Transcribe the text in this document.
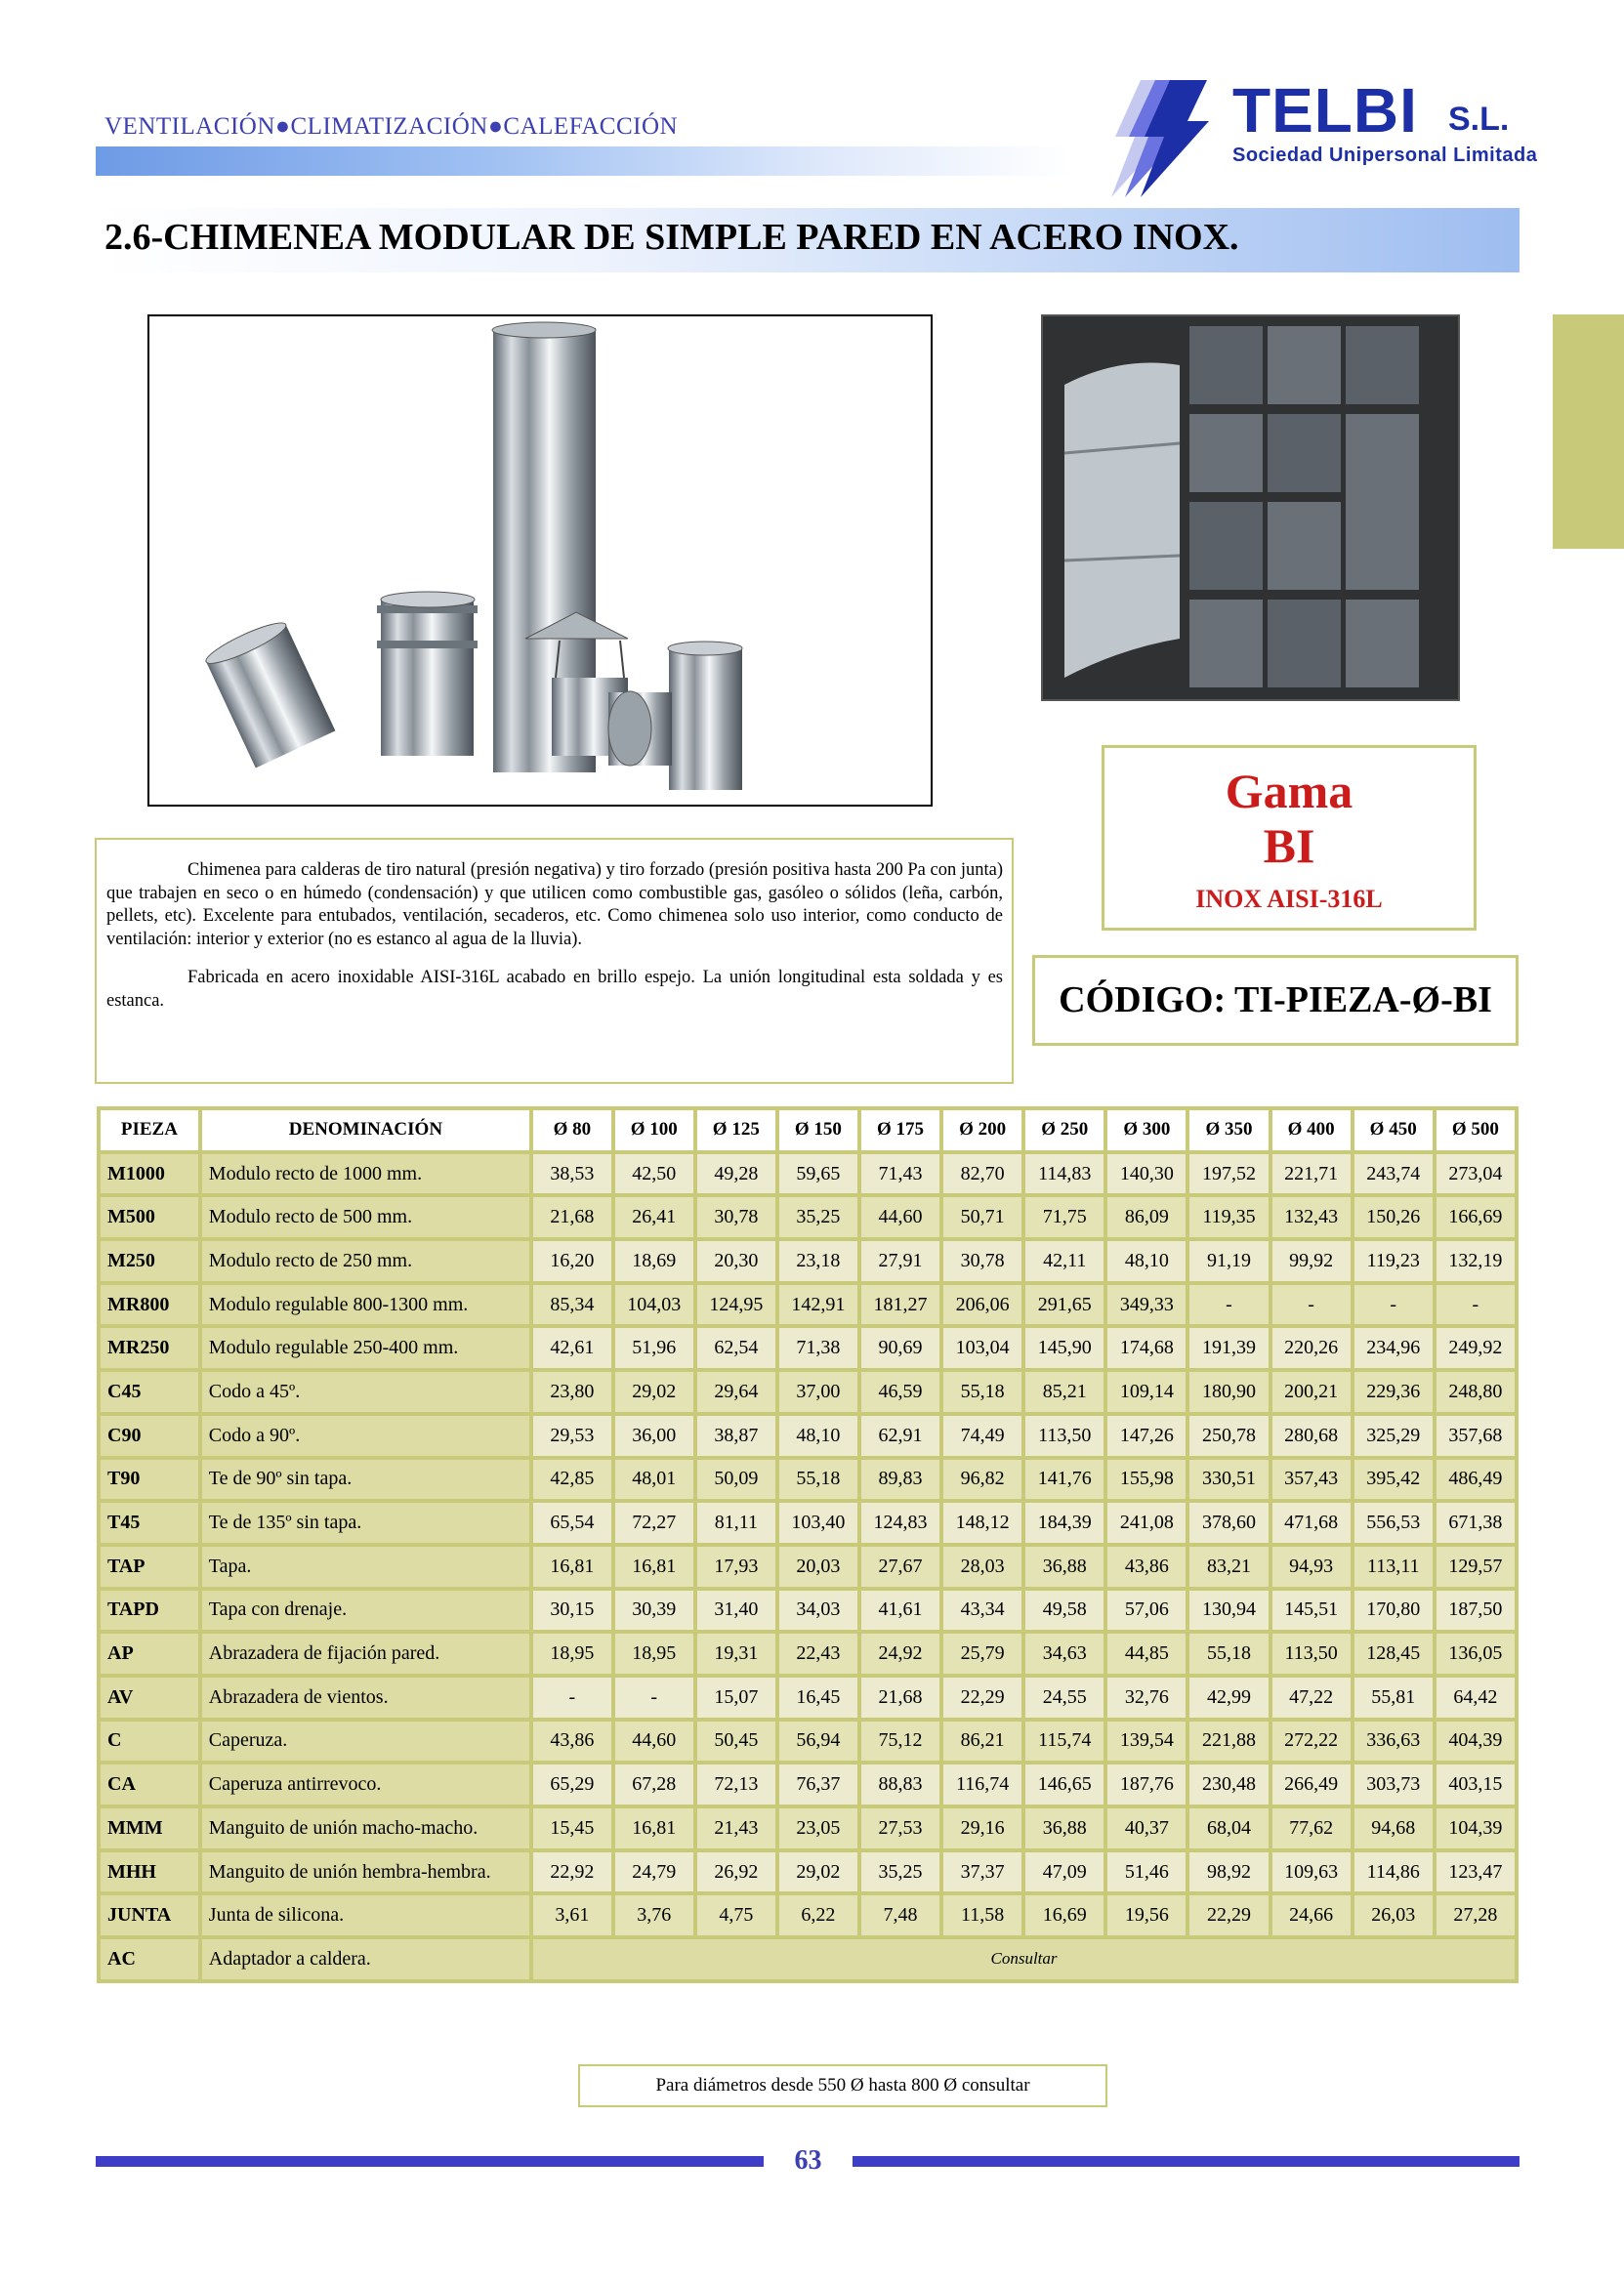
VENTILACIÓN●CLIMATIZACIÓN●CALEFACCIÓN	TELBI S.L.
Sociedad Unipersonal Limitada
2.6-CHIMENEA MODULAR DE SIMPLE PARED EN ACERO INOX.
Gama
BI
INOX AISI-316L
CÓDIGO: TI-PIEZA-Ø-BI

Chimenea para calderas de tiro natural (presión negativa) y tiro forzado (presión positiva hasta 200 Pa con junta) que trabajen en seco o en húmedo (condensación) y que utilicen como combustible gas, gasóleo o sólidos (leña, carbón, pellets, etc). Excelente para entubados, ventilación, secaderos, etc. Como chimenea solo uso interior, como conducto de ventilación: interior y exterior (no es estanco al agua de la lluvia).

Fabricada en acero inoxidable AISI-316L acabado en brillo espejo. La unión longitudinal esta soldada y es estanca.

PIEZA	DENOMINACIÓN	Ø 80	Ø 100	Ø 125	Ø 150	Ø 175	Ø 200	Ø 250	Ø 300	Ø 350	Ø 400	Ø 450	Ø 500
M1000	Modulo recto de 1000 mm.	38,53	42,50	49,28	59,65	71,43	82,70	114,83	140,30	197,52	221,71	243,74	273,04
M500	Modulo recto de 500 mm.	21,68	26,41	30,78	35,25	44,60	50,71	71,75	86,09	119,35	132,43	150,26	166,69
M250	Modulo recto de 250 mm.	16,20	18,69	20,30	23,18	27,91	30,78	42,11	48,10	91,19	99,92	119,23	132,19
MR800	Modulo regulable 800-1300 mm.	85,34	104,03	124,95	142,91	181,27	206,06	291,65	349,33	-	-	-	-
MR250	Modulo regulable 250-400 mm.	42,61	51,96	62,54	71,38	90,69	103,04	145,90	174,68	191,39	220,26	234,96	249,92
C45	Codo a 45º.	23,80	29,02	29,64	37,00	46,59	55,18	85,21	109,14	180,90	200,21	229,36	248,80
C90	Codo a 90º.	29,53	36,00	38,87	48,10	62,91	74,49	113,50	147,26	250,78	280,68	325,29	357,68
T90	Te de 90º sin tapa.	42,85	48,01	50,09	55,18	89,83	96,82	141,76	155,98	330,51	357,43	395,42	486,49
T45	Te de 135º sin tapa.	65,54	72,27	81,11	103,40	124,83	148,12	184,39	241,08	378,60	471,68	556,53	671,38
TAP	Tapa.	16,81	16,81	17,93	20,03	27,67	28,03	36,88	43,86	83,21	94,93	113,11	129,57
TAPD	Tapa con drenaje.	30,15	30,39	31,40	34,03	41,61	43,34	49,58	57,06	130,94	145,51	170,80	187,50
AP	Abrazadera de fijación pared.	18,95	18,95	19,31	22,43	24,92	25,79	34,63	44,85	55,18	113,50	128,45	136,05
AV	Abrazadera de vientos.	-	-	15,07	16,45	21,68	22,29	24,55	32,76	42,99	47,22	55,81	64,42
C	Caperuza.	43,86	44,60	50,45	56,94	75,12	86,21	115,74	139,54	221,88	272,22	336,63	404,39
CA	Caperuza antirrevoco.	65,29	67,28	72,13	76,37	88,83	116,74	146,65	187,76	230,48	266,49	303,73	403,15
MMM	Manguito de unión macho-macho.	15,45	16,81	21,43	23,05	27,53	29,16	36,88	40,37	68,04	77,62	94,68	104,39
MHH	Manguito de unión hembra-hembra.	22,92	24,79	26,92	29,02	35,25	37,37	47,09	51,46	98,92	109,63	114,86	123,47
JUNTA	Junta de silicona.	3,61	3,76	4,75	6,22	7,48	11,58	16,69	19,56	22,29	24,66	26,03	27,28
AC	Adaptador a caldera.	Consultar											
Para diámetros desde 550 Ø hasta 800 Ø consultar
63
